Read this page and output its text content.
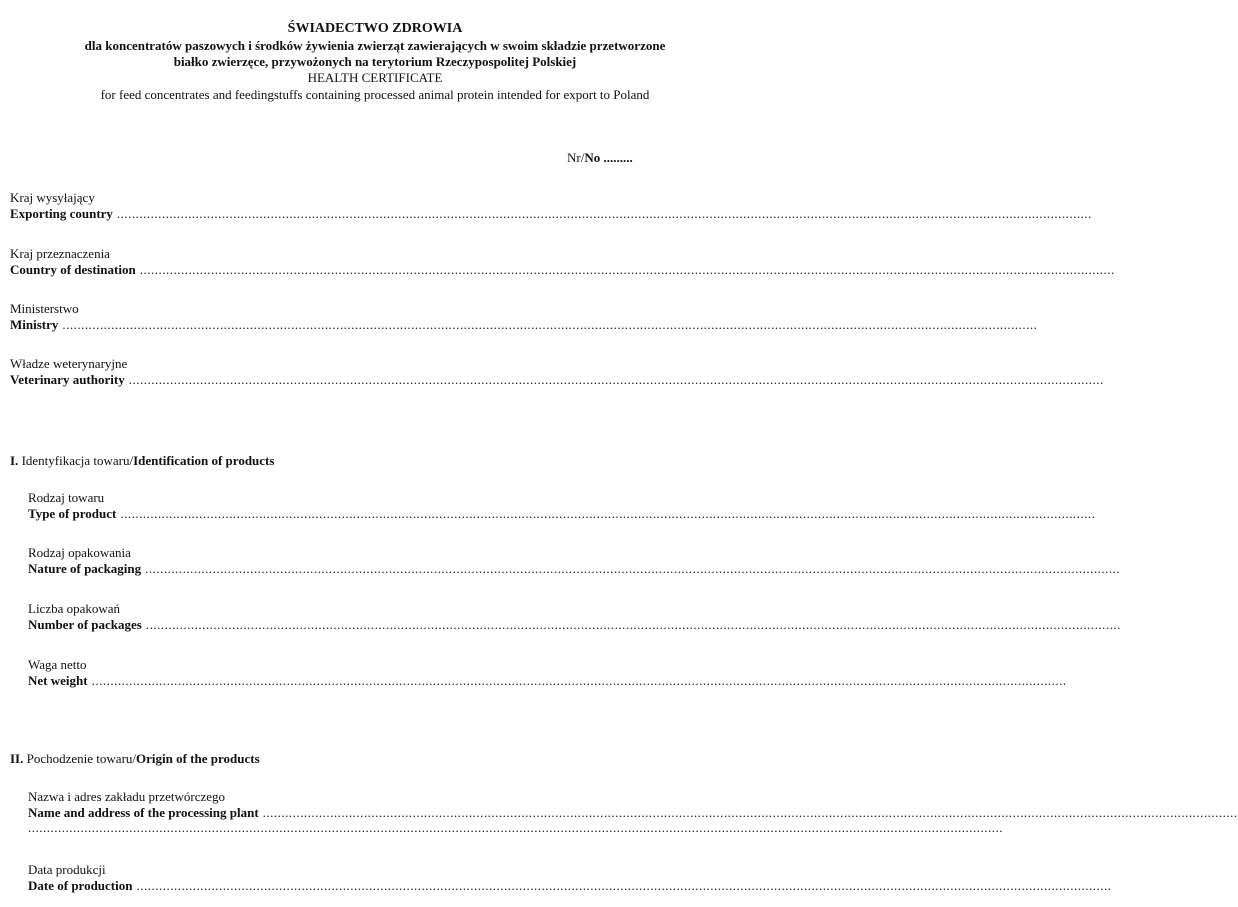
ŚWIADECTWO ZDROWIA
dla koncentratów paszowych i środków żywienia zwierząt zawierających w swoim składzie przetworzone
białko zwierzęce, przywożonych na terytorium Rzeczypospolitej Polskiej
HEALTH CERTIFICATE
for feed concentrates and feedingstuffs containing processed animal protein intended for export to Poland
Nr/No .........
Kraj wysyłający
Exporting country ....................................................................................................................................................................................................................................................................
Kraj przeznaczenia
Country of destination ....................................................................................................................................................................................................................................................................
Ministerstwo
Ministry ....................................................................................................................................................................................................................................................................
Władze weterynaryjne
Veterinary authority ....................................................................................................................................................................................................................................................................
I. Identyfikacja towaru/Identification of products
Rodzaj towaru
Type of product ....................................................................................................................................................................................................................................................................
Rodzaj opakowania
Nature of packaging ....................................................................................................................................................................................................................................................................
Liczba opakowań
Number of packages ....................................................................................................................................................................................................................................................................
Waga netto
Net weight ....................................................................................................................................................................................................................................................................
II. Pochodzenie towaru/Origin of the products
Nazwa i adres zakładu przetwórczego
Name and address of the processing plant ....................................................................................................................................................................................................................................................................
....................................................................................................................................................................................................................................................................
Data produkcji
Date of production ....................................................................................................................................................................................................................................................................
